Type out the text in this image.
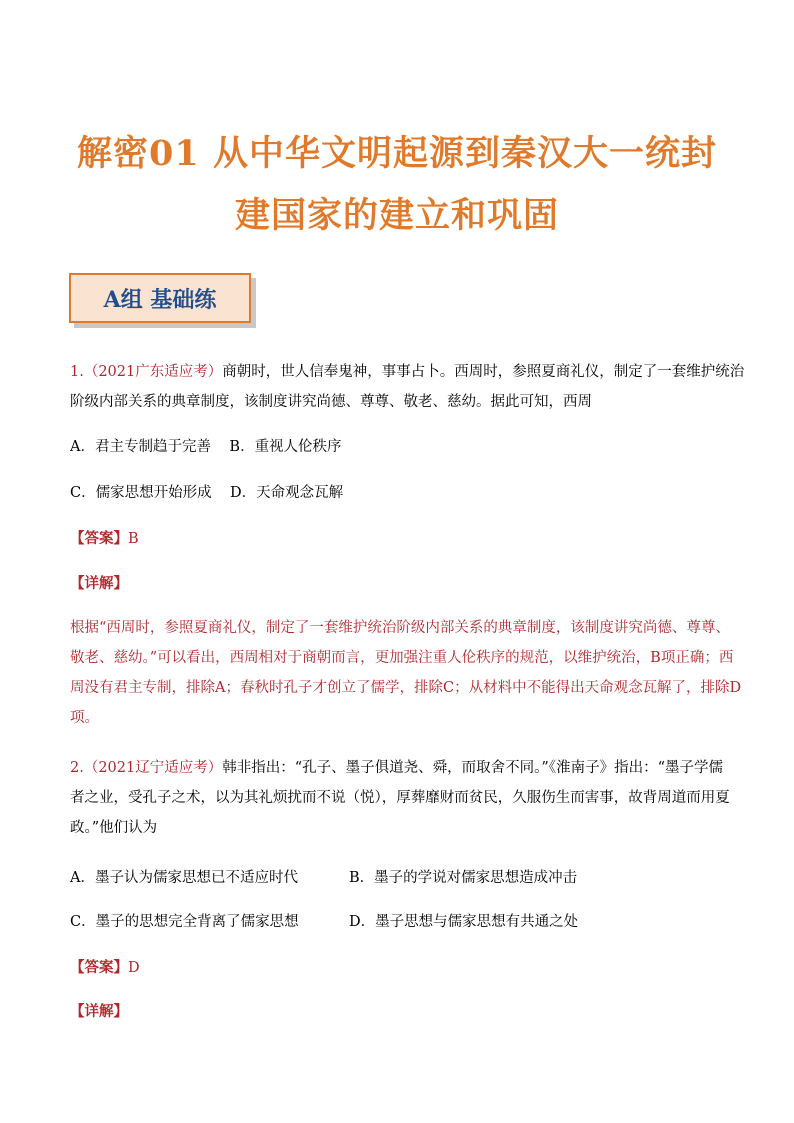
解密01 从中华文明起源到秦汉大一统封
建国家的建立和巩固
A组 基础练
1.（2021广东适应考）商朝时，世人信奉鬼神，事事占卜。西周时，参照夏商礼仪，制定了一套维护统治
阶级内部关系的典章制度，该制度讲究尚德、尊尊、敬老、慈幼。据此可知，西周
A．君主专制趋于完善    B．重视人伦秩序
C．儒家思想开始形成    D．天命观念瓦解
【答案】B
【详解】
根据“西周时，参照夏商礼仪，制定了一套维护统治阶级内部关系的典章制度，该制度讲究尚德、尊尊、
敬老、慈幼。”可以看出，西周相对于商朝而言，更加强注重人伦秩序的规范，以维护统治，B项正确；西
周没有君主专制，排除A；春秋时孔子才创立了儒学，排除C；从材料中不能得出天命观念瓦解了，排除D
项。
2.（2021辽宁适应考）韩非指出：“孔子、墨子俱道尧、舜，而取舍不同。”《淮南子》指出：“墨子学儒
者之业，受孔子之术，以为其礼烦扰而不说（悦），厚葬靡财而贫民，久服伤生而害事，故背周道而用夏
政。”他们认为
A．墨子认为儒家思想已不适应时代	B．墨子的学说对儒家思想造成冲击
C．墨子的思想完全背离了儒家思想	D．墨子思想与儒家思想有共通之处
【答案】D
【详解】
